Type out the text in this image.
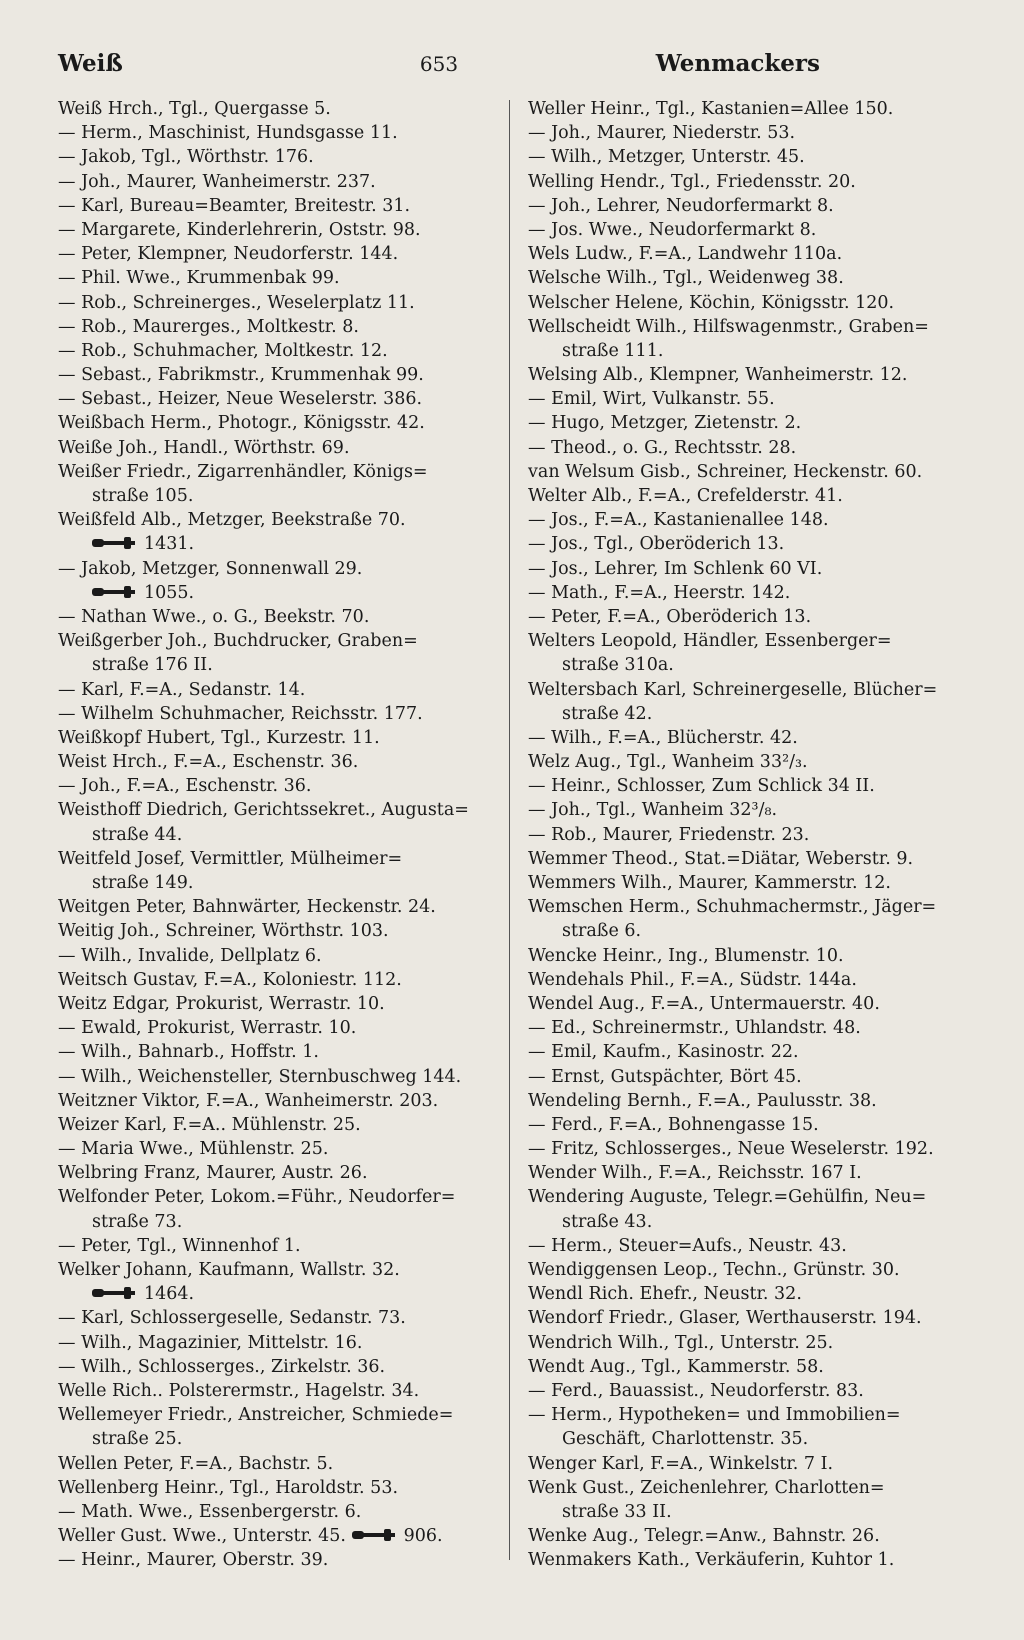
Weiß	653	Wenmackers
Weiß Hrch., Tgl., Quergasse 5.
— Herm., Maschinist, Hundsgasse 11.
— Jakob, Tgl., Wörthstr. 176.
— Joh., Maurer, Wanheimerstr. 237.
— Karl, Bureau=Beamter, Breitestr. 31.
— Margarete, Kinderlehrerin, Oststr. 98.
— Peter, Klempner, Neudorferstr. 144.
— Phil. Wwe., Krummenbak 99.
— Rob., Schreinerges., Weselerplatz 11.
— Rob., Maurerges., Moltkestr. 8.
— Rob., Schuhmacher, Moltkestr. 12.
— Sebast., Fabrikmstr., Krummenhak 99.
— Sebast., Heizer, Neue Weselerstr. 386.
Weißbach Herm., Photogr., Königsstr. 42.
Weiße Joh., Handl., Wörthstr. 69.
Weißer Friedr., Zigarrenhändler, Königs=
straße 105.
Weißfeld Alb., Metzger, Beekstraße 70.
1431.
— Jakob, Metzger, Sonnenwall 29.
1055.
— Nathan Wwe., o. G., Beekstr. 70.
Weißgerber Joh., Buchdrucker, Graben=
straße 176 II.
— Karl, F.=A., Sedanstr. 14.
— Wilhelm Schuhmacher, Reichsstr. 177.
Weißkopf Hubert, Tgl., Kurzestr. 11.
Weist Hrch., F.=A., Eschenstr. 36.
— Joh., F.=A., Eschenstr. 36.
Weisthoff Diedrich, Gerichtssekret., Augusta=
straße 44.
Weitfeld Josef, Vermittler, Mülheimer=
straße 149.
Weitgen Peter, Bahnwärter, Heckenstr. 24.
Weitig Joh., Schreiner, Wörthstr. 103.
— Wilh., Invalide, Dellplatz 6.
Weitsch Gustav, F.=A., Koloniestr. 112.
Weitz Edgar, Prokurist, Werrastr. 10.
— Ewald, Prokurist, Werrastr. 10.
— Wilh., Bahnarb., Hoffstr. 1.
— Wilh., Weichensteller, Sternbuschweg 144.
Weitzner Viktor, F.=A., Wanheimerstr. 203.
Weizer Karl, F.=A.. Mühlenstr. 25.
— Maria Wwe., Mühlenstr. 25.
Welbring Franz, Maurer, Austr. 26.
Welfonder Peter, Lokom.=Führ., Neudorfer=
straße 73.
— Peter, Tgl., Winnenhof 1.
Welker Johann, Kaufmann, Wallstr. 32.
1464.
— Karl, Schlossergeselle, Sedanstr. 73.
— Wilh., Magazinier, Mittelstr. 16.
— Wilh., Schlosserges., Zirkelstr. 36.
Welle Rich.. Polsterermstr., Hagelstr. 34.
Wellemeyer Friedr., Anstreicher, Schmiede=
straße 25.
Wellen Peter, F.=A., Bachstr. 5.
Wellenberg Heinr., Tgl., Haroldstr. 53.
— Math. Wwe., Essenbergerstr. 6.
Weller Gust. Wwe., Unterstr. 45.	906.
— Heinr., Maurer, Oberstr. 39.
Weller Heinr., Tgl., Kastanien=Allee 150.
— Joh., Maurer, Niederstr. 53.
— Wilh., Metzger, Unterstr. 45.
Welling Hendr., Tgl., Friedensstr. 20.
— Joh., Lehrer, Neudorfermarkt 8.
— Jos. Wwe., Neudorfermarkt 8.
Wels Ludw., F.=A., Landwehr 110a.
Welsche Wilh., Tgl., Weidenweg 38.
Welscher Helene, Köchin, Königsstr. 120.
Wellscheidt Wilh., Hilfswagenmstr., Graben=
straße 111.
Welsing Alb., Klempner, Wanheimerstr. 12.
— Emil, Wirt, Vulkanstr. 55.
— Hugo, Metzger, Zietenstr. 2.
— Theod., o. G., Rechtsstr. 28.
van Welsum Gisb., Schreiner, Heckenstr. 60.
Welter Alb., F.=A., Crefelderstr. 41.
— Jos., F.=A., Kastanienallee 148.
— Jos., Tgl., Oberöderich 13.
— Jos., Lehrer, Im Schlenk 60 VI.
— Math., F.=A., Heerstr. 142.
— Peter, F.=A., Oberöderich 13.
Welters Leopold, Händler, Essenberger=
straße 310a.
Weltersbach Karl, Schreinergeselle, Blücher=
straße 42.
— Wilh., F.=A., Blücherstr. 42.
Welz Aug., Tgl., Wanheim 33²/₃.
— Heinr., Schlosser, Zum Schlick 34 II.
— Joh., Tgl., Wanheim 32³/₈.
— Rob., Maurer, Friedenstr. 23.
Wemmer Theod., Stat.=Diätar, Weberstr. 9.
Wemmers Wilh., Maurer, Kammerstr. 12.
Wemschen Herm., Schuhmachermstr., Jäger=
straße 6.
Wencke Heinr., Ing., Blumenstr. 10.
Wendehals Phil., F.=A., Südstr. 144a.
Wendel Aug., F.=A., Untermauerstr. 40.
— Ed., Schreinermstr., Uhlandstr. 48.
— Emil, Kaufm., Kasinostr. 22.
— Ernst, Gutspächter, Bört 45.
Wendeling Bernh., F.=A., Paulusstr. 38.
— Ferd., F.=A., Bohnengasse 15.
— Fritz, Schlosserges., Neue Weselerstr. 192.
Wender Wilh., F.=A., Reichsstr. 167 I.
Wendering Auguste, Telegr.=Gehülfin, Neu=
straße 43.
— Herm., Steuer=Aufs., Neustr. 43.
Wendiggensen Leop., Techn., Grünstr. 30.
Wendl Rich. Ehefr., Neustr. 32.
Wendorf Friedr., Glaser, Werthauserstr. 194.
Wendrich Wilh., Tgl., Unterstr. 25.
Wendt Aug., Tgl., Kammerstr. 58.
— Ferd., Bauassist., Neudorferstr. 83.
— Herm., Hypotheken= und Immobilien=
Geschäft, Charlottenstr. 35.
Wenger Karl, F.=A., Winkelstr. 7 I.
Wenk Gust., Zeichenlehrer, Charlotten=
straße 33 II.
Wenke Aug., Telegr.=Anw., Bahnstr. 26.
Wenmakers Kath., Verkäuferin, Kuhtor 1.
